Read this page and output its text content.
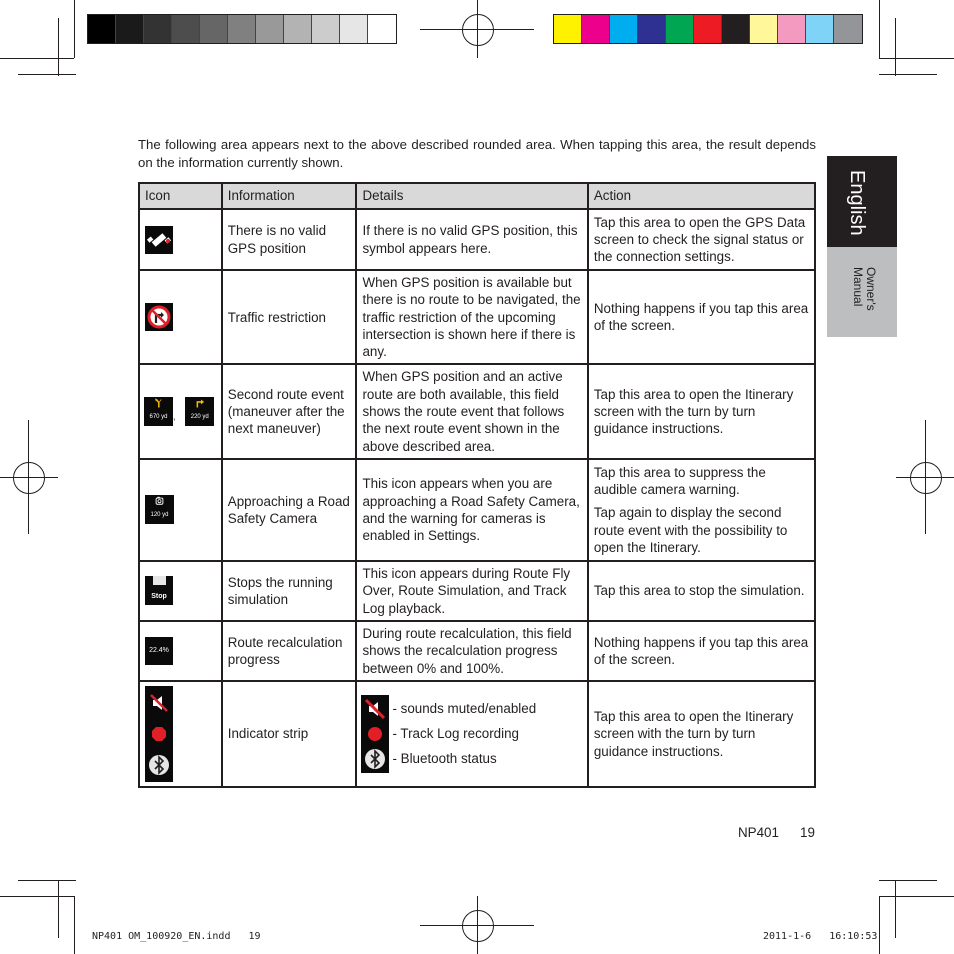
English
Owner's Manual

The following area appears next to the above described rounded area. When tapping this area, the result depends on the information currently shown.

Icon	Information	Details	Action

	There is no valid GPS position	If there is no valid GPS position, this symbol appears here.	Tap this area to open the GPS Data screen to check the signal status or the connection settings.

	Traffic restriction	When GPS position is available but there is no route to be navigated, the traffic restriction of the upcoming intersection is shown here if there is any.	Nothing happens if you tap this area of the screen.

670 yd , 220 yd	Second route event (maneuver after the next maneuver)	When GPS position and an active route are both available, this field shows the route event that follows the next route event shown in the above described area.	Tap this area to open the Itinerary screen with the turn by turn guidance instructions.

120 yd	Approaching a Road Safety Camera	This icon appears when you are approaching a Road Safety Camera, and the warning for cameras is enabled in Settings.	Tap this area to suppress the audible camera warning.

Tap again to display the second route event with the possibility to open the Itinerary.

Stop	Stops the running simulation	This icon appears during Route Fly Over, Route Simulation, and Track Log playback.	Tap this area to stop the simulation.

22.4%	Route recalculation progress	During route recalculation, this field shows the recalculation progress between 0% and 100%.	Nothing happens if you tap this area of the screen.

	Indicator strip	- sounds muted/enabled
- Track Log recording
- Bluetooth status	Tap this area to open the Itinerary screen with the turn by turn guidance instructions.

NP401 19
NP401 OM_100920_EN.indd   19	2011-1-6   16:10:53
